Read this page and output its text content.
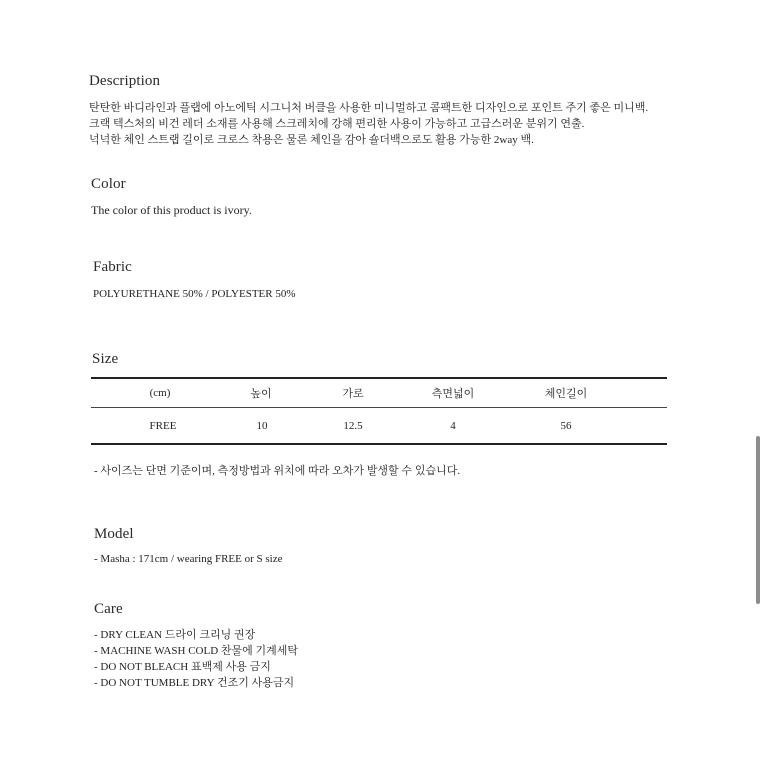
Description
탄탄한 바디라인과 플랩에 아노에틱 시그니처 버클을 사용한 미니멀하고 콤팩트한 디자인으로 포인트 주기 좋은 미니백.
크랙 텍스처의 비건 레더 소재를 사용해 스크레치에 강해 편리한 사용이 가능하고 고급스러운 분위기 연출.
넉넉한 체인 스트랩 길이로 크로스 착용은 물론 체인을 감아 숄더백으로도 활용 가능한 2way 백.
Color
The color of this product is ivory.
Fabric
POLYURETHANE 50% / POLYESTER 50%
Size
(cm)	높이	가로	측면넓이	체인길이
FREE	10	12.5	4	56
- 사이즈는 단면 기준이며, 측정방법과 위치에 따라 오차가 발생할 수 있습니다.
Model
- Masha : 171cm / wearing FREE or S size
Care
- DRY CLEAN 드라이 크리닝 권장
- MACHINE WASH COLD 찬물에 기계세탁
- DO NOT BLEACH 표백제 사용 금지
- DO NOT TUMBLE DRY 건조기 사용금지
